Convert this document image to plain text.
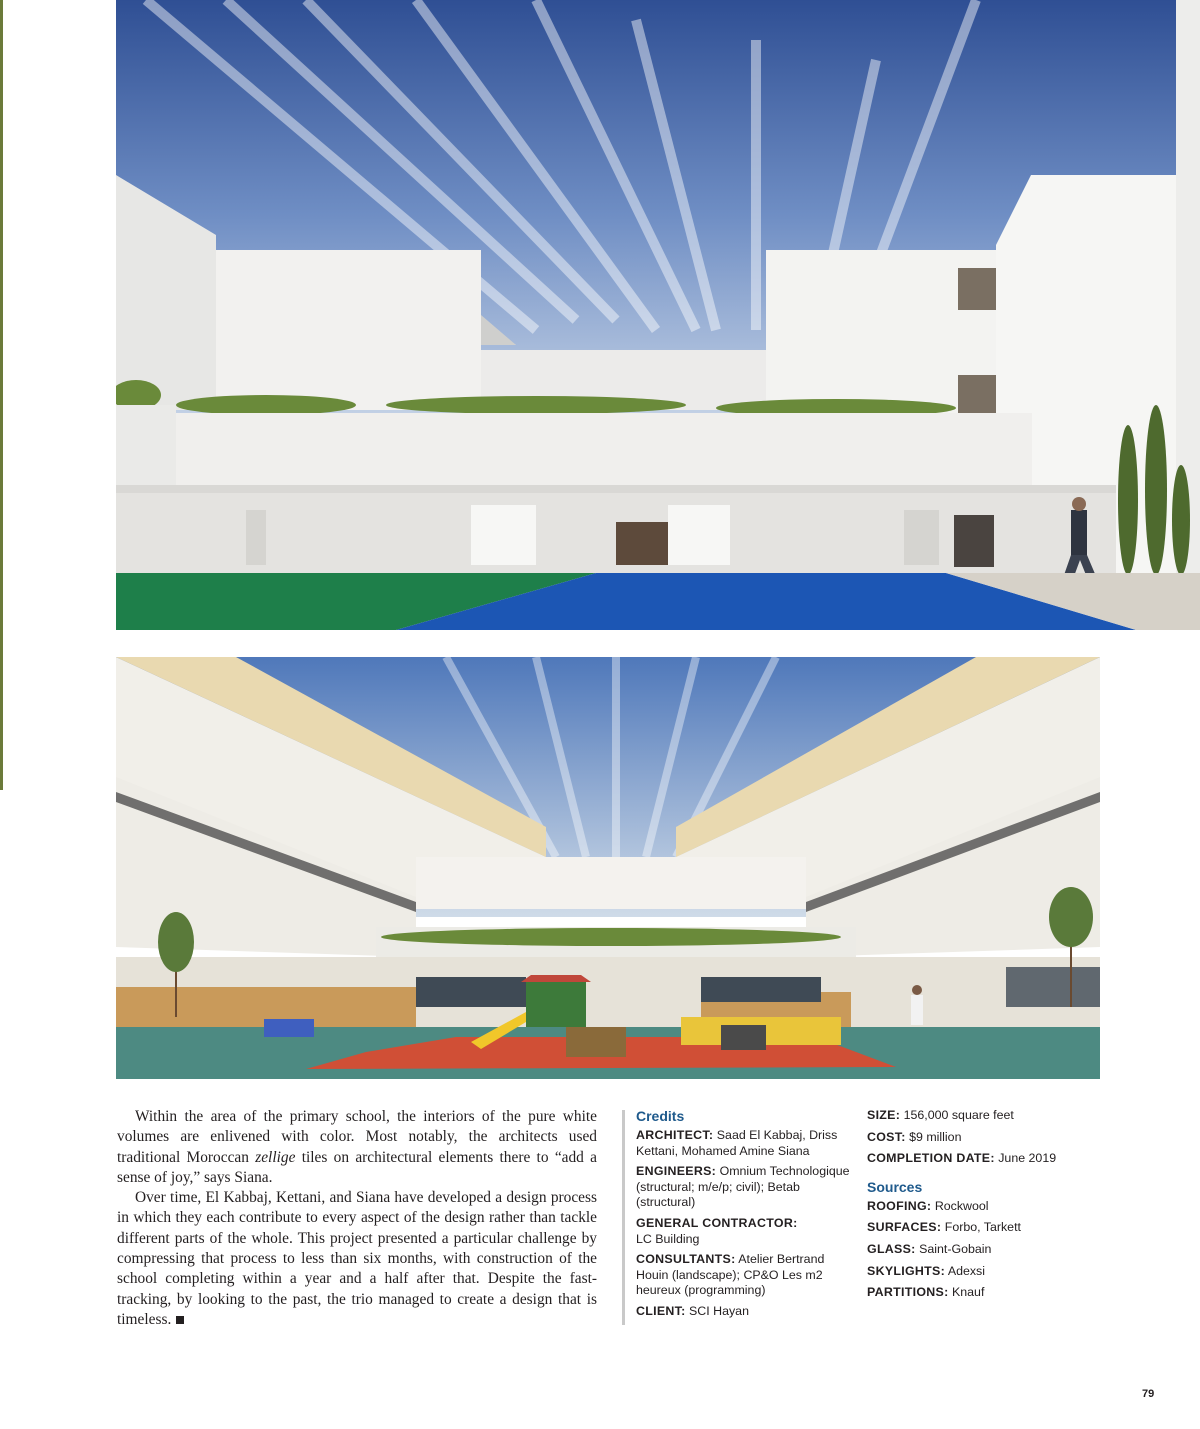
Within the area of the primary school, the interiors of the pure white volumes are enlivened with color. Most notably, the architects used traditional Moroccan zellige tiles on architectural elements there to “add a sense of joy,” says Siana.

Over time, El Kabbaj, Kettani, and Siana have developed a design process in which they each contribute to every aspect of the design rather than tackle different parts of the whole. This project presented a particular challenge by compressing that process to less than six months, with construction of the school completing within a year and a half after that. Despite the fast-tracking, by looking to the past, the trio managed to create a design that is timeless.

Credits
ARCHITECT: Saad El Kabbaj, Driss Kettani, Mohamed Amine Siana
ENGINEERS: Omnium Technologique (structural; m/e/p; civil); Betab (structural)
GENERAL CONTRACTOR:
LC Building
CONSULTANTS: Atelier Bertrand Houin (landscape); CP&O Les m2 heureux (programming)
CLIENT: SCI Hayan
SIZE: 156,000 square feet
COST: $9 million
COMPLETION DATE: June 2019
Sources
ROOFING: Rockwool
SURFACES: Forbo, Tarkett
GLASS: Saint-Gobain
SKYLIGHTS: Adexsi
PARTITIONS: Knauf
79
